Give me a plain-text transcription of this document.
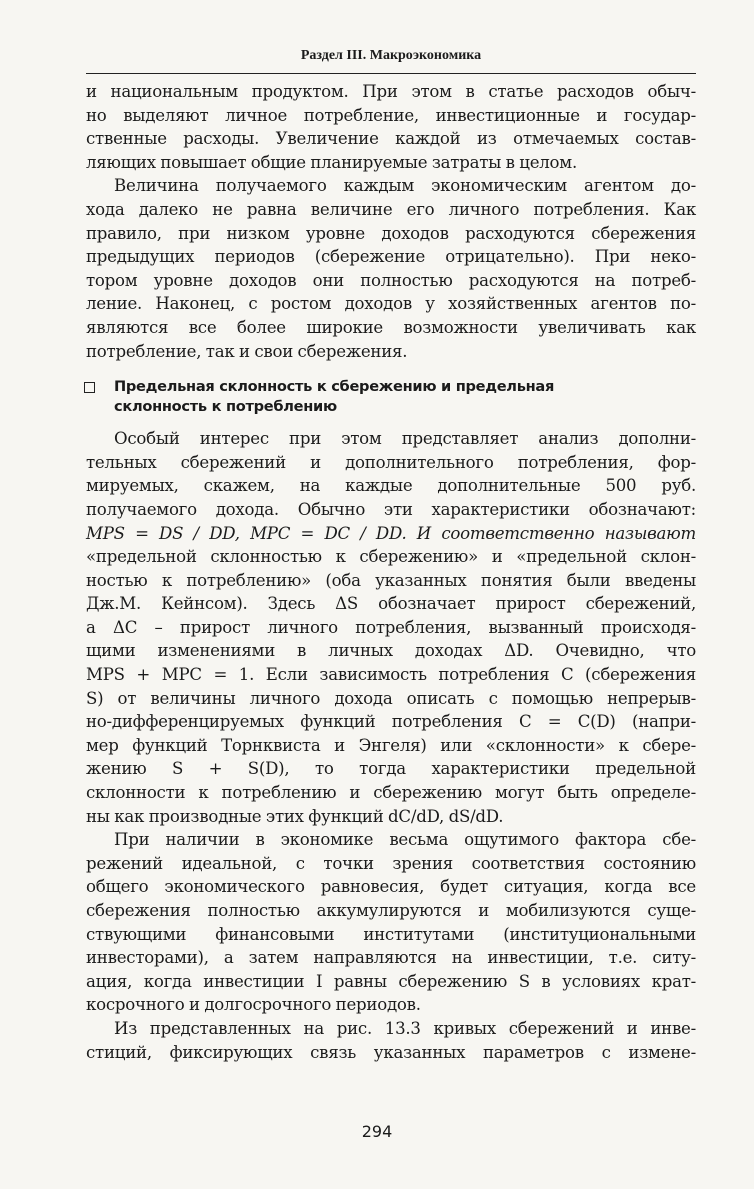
Раздел III. Макроэкономика
и национальным продуктом. При этом в статье расходов обыч-
но выделяют личное потребление, инвестиционные и государ-
ственные расходы. Увеличение каждой из отмечаемых состав-
ляющих повышает общие планируемые затраты в целом.
Величина получаемого каждым экономическим агентом до-
хода далеко не равна величине его личного потребления. Как
правило, при низком уровне доходов расходуются сбережения
предыдущих периодов (сбережение отрицательно). При неко-
тором уровне доходов они полностью расходуются на потреб-
ление. Наконец, с ростом доходов у хозяйственных агентов по-
являются все более широкие возможности увеличивать как
потребление, так и свои сбережения.
Предельная склонность к сбережению и предельная
склонность к потреблению
Особый интерес при этом представляет анализ дополни-
тельных сбережений и дополнительного потребления, фор-
мируемых, скажем, на каждые дополнительные 500 руб.
получаемого дохода. Обычно эти характеристики обозначают:
MPS = DS / DD, MPC = DC / DD. И соответственно называют
«предельной склонностью к сбережению» и «предельной склон-
ностью к потреблению» (оба указанных понятия были введены
Дж.М. Кейнсом). Здесь ΔS обозначает прирост сбережений,
а ΔC – прирост личного потребления, вызванный происходя-
щими изменениями в личных доходах ΔD. Очевидно, что
MPS + MPC = 1. Если зависимость потребления C (сбережения
S) от величины личного дохода описать с помощью непрерыв-
но-дифференцируемых функций потребления C = C(D) (напри-
мер функций Торнквиста и Энгеля) или «склонности» к сбере-
жению S + S(D), то тогда характеристики предельной
склонности к потреблению и сбережению могут быть определе-
ны как производные этих функций dC/dD, dS/dD.
При наличии в экономике весьма ощутимого фактора сбе-
режений идеальной, с точки зрения соответствия состоянию
общего экономического равновесия, будет ситуация, когда все
сбережения полностью аккумулируются и мобилизуются суще-
ствующими финансовыми институтами (институциональными
инвесторами), а затем направляются на инвестиции, т.е. ситу-
ация, когда инвестиции I равны сбережению S в условиях крат-
косрочного и долгосрочного периодов.
Из представленных на рис. 13.3 кривых сбережений и инве-
стиций, фиксирующих связь указанных параметров с измене-
294
